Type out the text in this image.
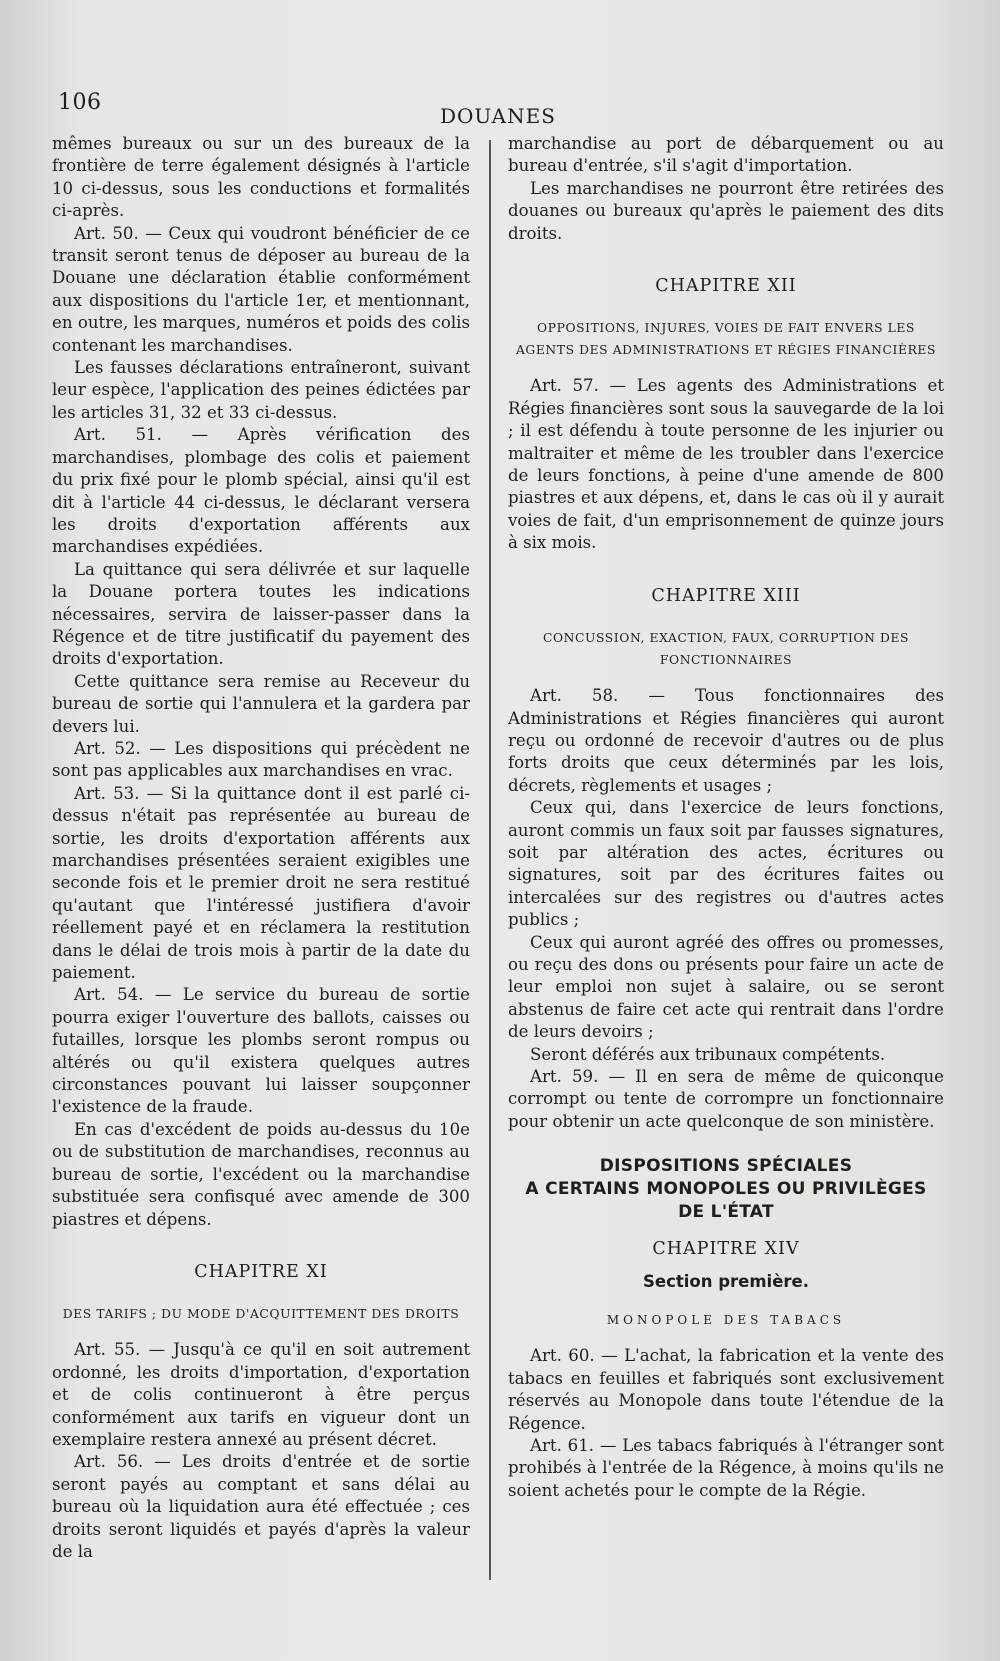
106
DOUANES

mêmes bureaux ou sur un des bureaux de la frontière de terre également désignés à l'article 10 ci-dessus, sous les conductions et formalités ci-après.

Art. 50. — Ceux qui voudront bénéficier de ce transit seront tenus de déposer au bureau de la Douane une déclaration établie conformément aux dispositions du l'article 1er, et mentionnant, en outre, les marques, numéros et poids des colis contenant les marchandises.

Les fausses déclarations entraîneront, suivant leur espèce, l'application des peines édictées par les articles 31, 32 et 33 ci-dessus.

Art. 51. — Après vérification des marchandises, plombage des colis et paiement du prix fixé pour le plomb spécial, ainsi qu'il est dit à l'article 44 ci-dessus, le déclarant versera les droits d'exportation afférents aux marchandises expédiées.

La quittance qui sera délivrée et sur laquelle la Douane portera toutes les indications nécessaires, servira de laisser-passer dans la Régence et de titre justificatif du payement des droits d'exportation.

Cette quittance sera remise au Receveur du bureau de sortie qui l'annulera et la gardera par devers lui.

Art. 52. — Les dispositions qui précèdent ne sont pas applicables aux marchandises en vrac.

Art. 53. — Si la quittance dont il est parlé ci-dessus n'était pas représentée au bureau de sortie, les droits d'exportation afférents aux marchandises présentées seraient exigibles une seconde fois et le premier droit ne sera restitué qu'autant que l'intéressé justifiera d'avoir réellement payé et en réclamera la restitution dans le délai de trois mois à partir de la date du paiement.

Art. 54. — Le service du bureau de sortie pourra exiger l'ouverture des ballots, caisses ou futailles, lorsque les plombs seront rompus ou altérés ou qu'il existera quelques autres circonstances pouvant lui laisser soupçonner l'existence de la fraude.

En cas d'excédent de poids au-dessus du 10e ou de substitution de marchandises, reconnus au bureau de sortie, l'excédent ou la marchandise substituée sera confisqué avec amende de 300 piastres et dépens.

CHAPITRE XI
DES TARIFS ; DU MODE D'ACQUITTEMENT DES DROITS

Art. 55. — Jusqu'à ce qu'il en soit autrement ordonné, les droits d'importation, d'exportation et de colis continueront à être perçus conformément aux tarifs en vigueur dont un exemplaire restera annexé au présent décret.

Art. 56. — Les droits d'entrée et de sortie seront payés au comptant et sans délai au bureau où la liquidation aura été effectuée ; ces droits seront liquidés et payés d'après la valeur de la

marchandise au port de débarquement ou au bureau d'entrée, s'il s'agit d'importation.

Les marchandises ne pourront être retirées des douanes ou bureaux qu'après le paiement des dits droits.

CHAPITRE XII
OPPOSITIONS, INJURES, VOIES DE FAIT ENVERS LES AGENTS DES ADMINISTRATIONS ET RÉGIES FINANCIÈRES

Art. 57. — Les agents des Administrations et Régies financières sont sous la sauvegarde de la loi ; il est défendu à toute personne de les injurier ou maltraiter et même de les troubler dans l'exercice de leurs fonctions, à peine d'une amende de 800 piastres et aux dépens, et, dans le cas où il y aurait voies de fait, d'un emprisonnement de quinze jours à six mois.

CHAPITRE XIII
CONCUSSION, EXACTION, FAUX, CORRUPTION DES FONCTIONNAIRES

Art. 58. — Tous fonctionnaires des Administrations et Régies financières qui auront reçu ou ordonné de recevoir d'autres ou de plus forts droits que ceux déterminés par les lois, décrets, règlements et usages ;

Ceux qui, dans l'exercice de leurs fonctions, auront commis un faux soit par fausses signatures, soit par altération des actes, écritures ou signatures, soit par des écritures faites ou intercalées sur des registres ou d'autres actes publics ;

Ceux qui auront agréé des offres ou promesses, ou reçu des dons ou présents pour faire un acte de leur emploi non sujet à salaire, ou se seront abstenus de faire cet acte qui rentrait dans l'ordre de leurs devoirs ;

Seront déférés aux tribunaux compétents.

Art. 59. — Il en sera de même de quiconque corrompt ou tente de corrompre un fonctionnaire pour obtenir un acte quelconque de son ministère.

DISPOSITIONS SPÉCIALES
A CERTAINS MONOPOLES OU PRIVILÈGES
DE L'ÉTAT
CHAPITRE XIV
Section première.
MONOPOLE DES TABACS

Art. 60. — L'achat, la fabrication et la vente des tabacs en feuilles et fabriqués sont exclusivement réservés au Monopole dans toute l'étendue de la Régence.

Art. 61. — Les tabacs fabriqués à l'étranger sont prohibés à l'entrée de la Régence, à moins qu'ils ne soient achetés pour le compte de la Régie.
